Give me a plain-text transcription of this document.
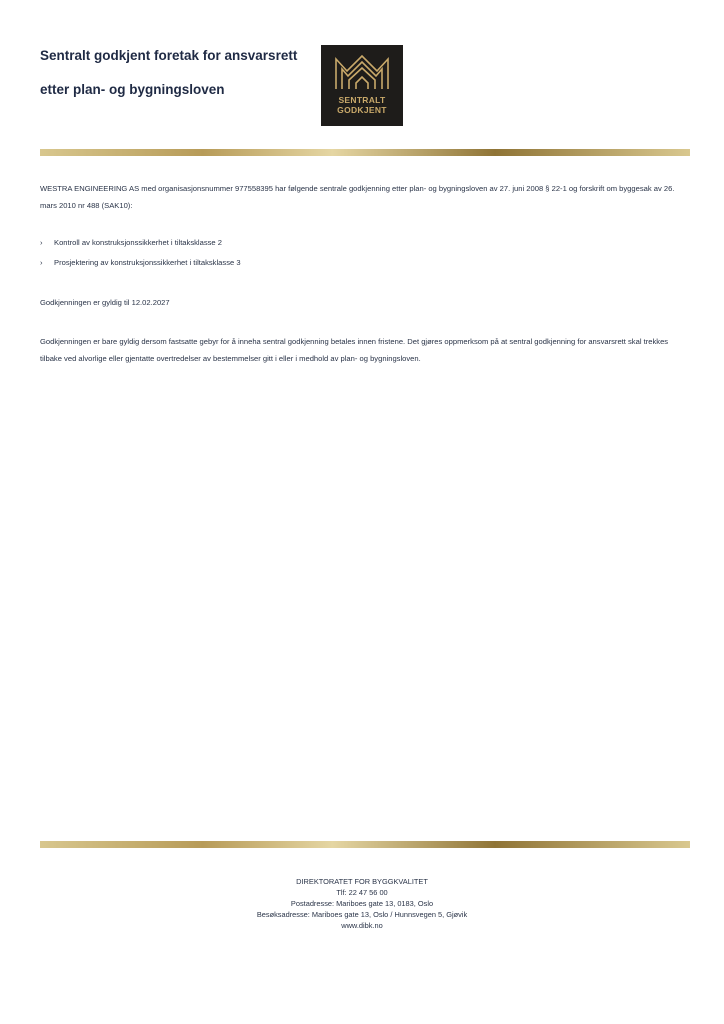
Sentralt godkjent foretak for ansvarsrett
etter plan- og bygningsloven
SENTRALT
GODKJENT
WESTRA ENGINEERING AS med organisasjonsnummer 977558395 har følgende sentrale godkjenning etter plan- og bygningsloven av 27. juni 2008 § 22-1 og forskrift om byggesak av 26. mars 2010 nr 488 (SAK10):
› Kontroll av konstruksjonssikkerhet i tiltaksklasse 2
› Prosjektering av konstruksjonssikkerhet i tiltaksklasse 3
Godkjenningen er gyldig til 12.02.2027
Godkjenningen er bare gyldig dersom fastsatte gebyr for å inneha sentral godkjenning betales innen fristene. Det gjøres oppmerksom på at sentral godkjenning for ansvarsrett skal trekkes tilbake ved alvorlige eller gjentatte overtredelser av bestemmelser gitt i eller i medhold av plan- og bygningsloven.
DIREKTORATET FOR BYGGKVALITET
Tlf: 22 47 56 00
Postadresse: Mariboes gate 13, 0183, Oslo
Besøksadresse: Mariboes gate 13, Oslo / Hunnsvegen 5, Gjøvik
www.dibk.no
